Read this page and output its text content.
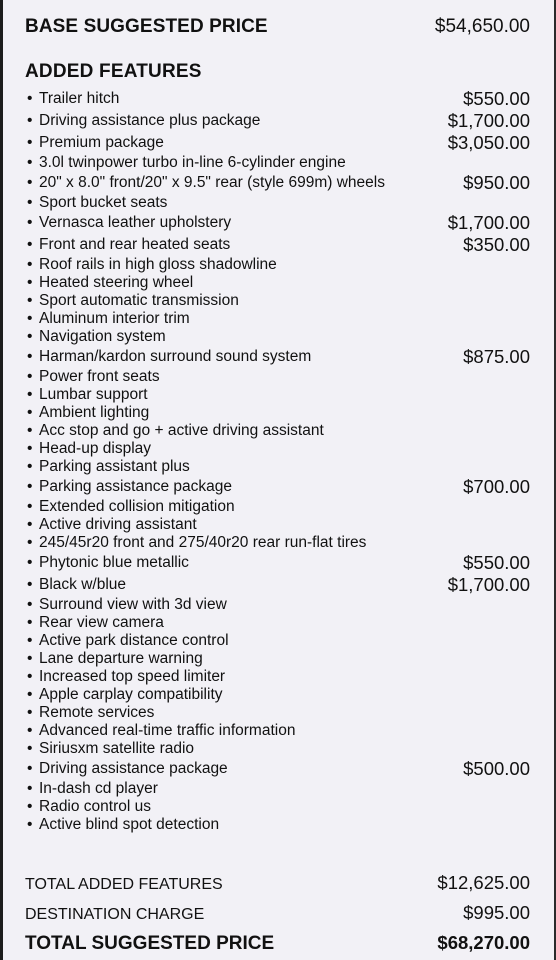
BASE SUGGESTED PRICE	$54,650.00
ADDED FEATURES
• Trailer hitch	$550.00
• Driving assistance plus package	$1,700.00
• Premium package	$3,050.00
• 3.0l twinpower turbo in-line 6-cylinder engine
• 20" x 8.0" front/20" x 9.5" rear (style 699m) wheels	$950.00
• Sport bucket seats
• Vernasca leather upholstery	$1,700.00
• Front and rear heated seats	$350.00
• Roof rails in high gloss shadowline
• Heated steering wheel
• Sport automatic transmission
• Aluminum interior trim
• Navigation system
• Harman/kardon surround sound system	$875.00
• Power front seats
• Lumbar support
• Ambient lighting
• Acc stop and go + active driving assistant
• Head-up display
• Parking assistant plus
• Parking assistance package	$700.00
• Extended collision mitigation
• Active driving assistant
• 245/45r20 front and 275/40r20 rear run-flat tires
• Phytonic blue metallic	$550.00
• Black w/blue	$1,700.00
• Surround view with 3d view
• Rear view camera
• Active park distance control
• Lane departure warning
• Increased top speed limiter
• Apple carplay compatibility
• Remote services
• Advanced real-time traffic information
• Siriusxm satellite radio
• Driving assistance package	$500.00
• In-dash cd player
• Radio control us
• Active blind spot detection
TOTAL ADDED FEATURES	$12,625.00
DESTINATION CHARGE	$995.00
TOTAL SUGGESTED PRICE	$68,270.00
